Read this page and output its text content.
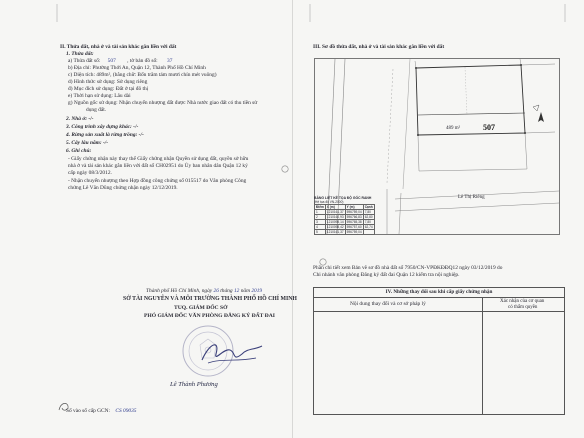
II. Thửa đất, nhà ở và tài sản khác gắn liền với đất
1. Thửa đất:
a) Thửa đất số: 507 , tờ bản đồ số: 37
b) Địa chỉ: Phường Thới An, Quận 12, Thành Phố Hồ Chí Minh
c) Diện tích: 489m², (bằng chữ: Bốn trăm tám mươi chín mét vuông)
d) Hình thức sử dụng: Sử dụng riêng
đ) Mục đích sử dụng: Đất ở tại đô thị
e) Thời hạn sử dụng: Lâu dài
g) Nguồn gốc sử dụng: Nhận chuyển nhượng đất được Nhà nước giao đất có thu tiền sử
dụng đất.
2. Nhà ở: -/-
3. Công trình xây dựng khác: -/-
4. Rừng sản xuất là rừng trồng: -/-
5. Cây lâu năm: -/-
6. Ghi chú:
- Giấy chứng nhận này thay thế Giấy chứng nhận Quyền sử dụng đất, quyền sở hữu
nhà ở và tài sản khác gắn liền với đất số CH02951 do Ủy ban nhân dân Quận 12 ký
cấp ngày 08/3/2012.
- Nhận chuyển nhượng theo Hợp đồng công chứng số 015517 do Văn phòng Công
chứng Lê Văn Dũng chứng nhận ngày 12/12/2019.
Thành phố Hồ Chí Minh, ngày 26 tháng 12 năm 2019
SỞ TÀI NGUYÊN VÀ MÔI TRƯỜNG THÀNH PHỐ HỒ CHÍ MINH
TUQ. GIÁM ĐỐC SỞ
PHÓ GIÁM ĐỐC VĂN PHÒNG ĐĂNG KÝ ĐẤT ĐAI
Lê Thành Phương
Số vào sổ cấp GCN: CS 09035
III. Sơ đồ thửa đất, nhà ở và tài sản khác gắn liền với đất
507
489 m²
Lê Thị Riêng
BẢNG LIỆT KÊ TỌA ĐỘ GÓC RANH
(Hệ tọa độ VN-2000)
Điểm	X (m)	Y (m)	Cạnh
1	1210161,37	596759,04	7,80
2	1210160,93	596766,83	62,80
3	1210098,14	596765,38	7,80
4	1210098,42	596757,60	62,74
5	1210161,37	596759,04	
Phần chi tiết xem Bản vẽ sơ đồ nhà đất số 7950/CN-VPĐKĐĐQ12 ngày 03/12/2019 do
Chi nhánh văn phòng Đăng ký đất đai Quận 12 kiểm tra nội nghiệp.
IV. Những thay đổi sau khi cấp giấy chứng nhận
Nội dung thay đổi và cơ sở pháp lý	Xác nhận của cơ quan
có thẩm quyền
